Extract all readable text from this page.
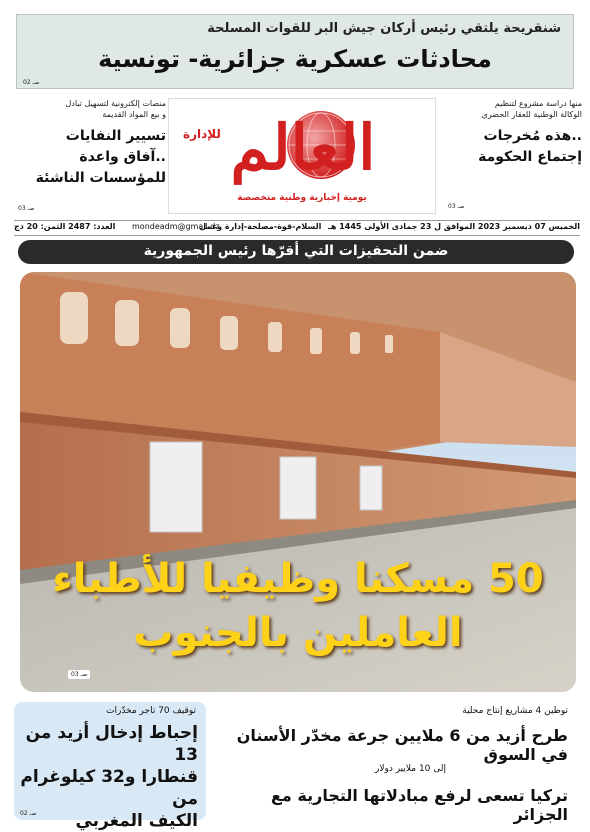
شنقريحة يلتقي رئيس أركان جيش البر للقوات المسلحة
محادثات عسكرية جزائرية- تونسية
صـ 02
منها دراسة مشروع لتنظيم
الوكالة الوطنية للعقار الحضري
..هذه مُخرجات
إجتماع الحكومة
صـ 03
العالم
للإدارة
يومية إخبارية وطنية متخصصة
منصات إلكترونية لتسهيل تبادل
و بيع المواد القديمة
تسيير النفايات
..آفاق واعدة
للمؤسسات الناشئة
صـ 03
الخميس 07 ديسمبر 2023 الموافق ل 23 جمادى الأولى 1445 هـ السلام-قوة-مصلحة-إدارة وعمل
mondeadm@gmail.dz
العدد: 2487 الثمن: 20 دج
ضمن التحفيزات التي أقرّها رئيس الجمهورية
50 مسكنا وظيفيا للأطباء
العاملين بالجنوب
صـ 03
توقيف 70 تاجر مخدّرات
إحباط إدخال أزيد من 13
قنطارا و32 كيلوغرام من
الكيف المغربي
صـ 02
توطين 4 مشاريع إنتاج محلية
طرح أزيد من 6 ملايين جرعة مخدّر الأسنان في السوق
إلى 10 ملايير دولار
تركيا تسعى لرفع مبادلاتها التجارية مع الجزائر
